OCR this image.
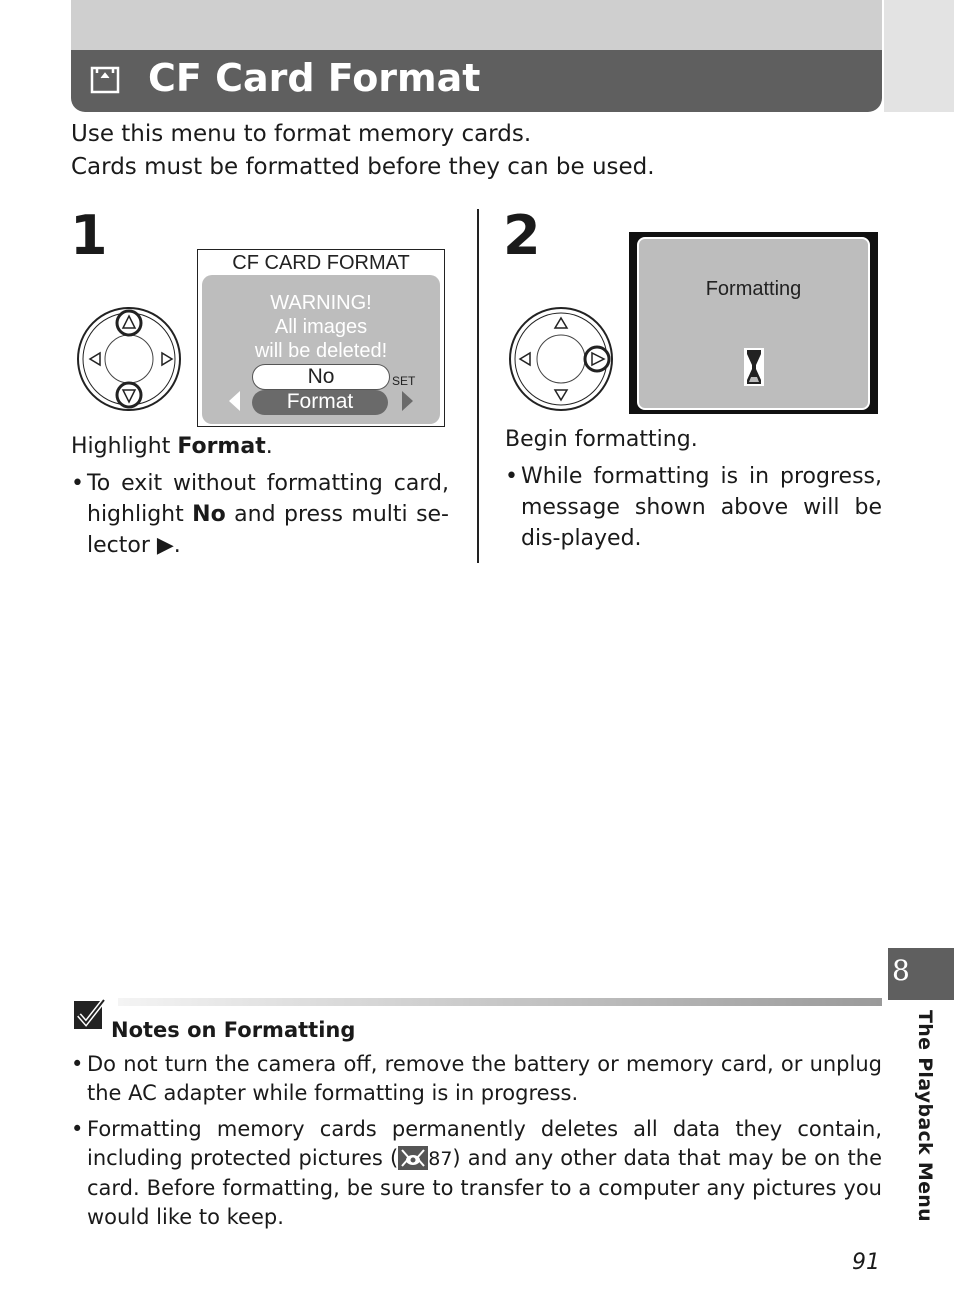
CF Card Format
Use this menu to format memory cards.
Cards must be formatted before they can be used.
1	CF CARD FORMAT
WARNING!
All images
will be deleted!
No	SET
Format
Highlight Format.
• To exit without formatting card, highlight No and press multi se-lector ▶.
2
Formatting
Begin formatting.
• While formatting is in progress, message shown above will be dis-played.
Notes on Formatting
• Do not turn the camera off, remove the battery or memory card, or unplug the AC adapter while formatting is in progress.
• Formatting memory cards permanently deletes all data they contain, including protected pictures ( 87) and any other data that may be on the card. Before formatting, be sure to transfer to a computer any pictures you would like to keep.
8
The Playback Menu
91
